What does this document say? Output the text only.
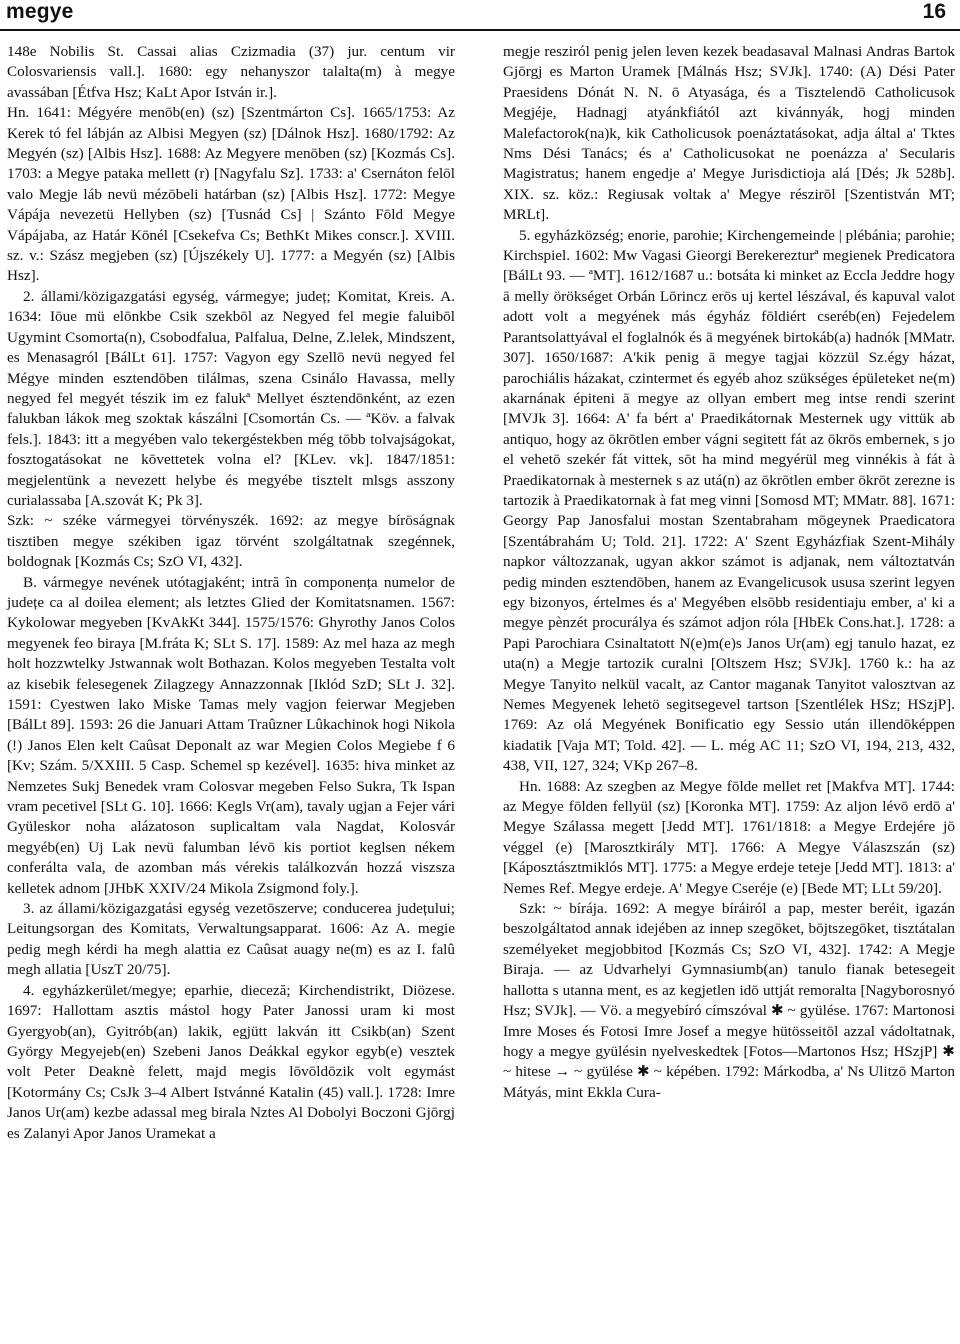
megye	16

148e Nobilis St. Cassai alias Czizmadia (37) jur. centum vir Colosvariensis vall.]. 1680: egy nehanyszor talalta(m) à megye avassában [Étfva Hsz; KaLt Apor István ir.].

Hn. 1641: Mégyére menōb(en) (sz) [Szentmárton Cs]. 1665/1753: Az Kerek tó fel lábján az Albisi Megyen (sz) [Dálnok Hsz]. 1680/1792: Az Megyén (sz) [Albis Hsz]. 1688: Az Megyere menōben (sz) [Kozmás Cs]. 1703: a Megye pataka mellett (r) [Nagyfalu Sz]. 1733: a' Csernáton felōl valo Megje láb nevü mézōbeli határban (sz) [Albis Hsz]. 1772: Megye Vápája nevezetü Hellyben (sz) [Tusnád Cs] | Szánto Fōld Megye Vápájaba, az Határ Kōnél [Csekefva Cs; BethKt Mikes conscr.]. XVIII. sz. v.: Szász megjeben (sz) [Újszékely U]. 1777: a Megyén (sz) [Albis Hsz].

2. állami/közigazgatási egység, vármegye; județ; Komitat, Kreis. A. 1634: Iōue mü elōnkbe Csik szekbōl az Negyed fel megie faluibōl Ugymint Csomorta(n), Csobodfalua, Palfalua, Delne, Z.lelek, Mindszent, es Menasagról [BálLt 61]. 1757: Vagyon egy Szellō nevü negyed fel Mégye minden esztendōben tilálmas, szena Csinálo Havassa, melly negyed fel megyét tészik im ez falukª Mellyet észtendōnként, az ezen falukban lákok meg szoktak kászálni [Csomortán Cs. — ªKöv. a falvak fels.]. 1843: itt a megyében valo tekergéstekben még tōbb tolvajságokat, fosztogatásokat ne kōvettetek volna el? [KLev. vk]. 1847/1851: megjelentünk a nevezett helybe és megyébe tisztelt mlsgs asszony curialassaba [A.szovát K; Pk 3].

Szk: ~ széke vármegyei törvényszék. 1692: az megye bírōságnak tisztiben megye székiben igaz törvént szolgáltatnak szegénnek, boldognak [Kozmás Cs; SzO VI, 432].

B. vármegye nevének utótagjaként; intră în componența numelor de județe ca al doilea element; als letztes Glied der Komitatsnamen. 1567: Kykolowar megyeben [KvAkKt 344]. 1575/1576: Ghyrothy Janos Colos megyenek feo biraya [M.fráta K; SLt S. 17]. 1589: Az mel haza az megh holt hozzwtelky Jstwannak wolt Bothazan. Kolos megyeben Testalta volt az kisebik felesegenek Zilagzegy Annazzonnak [Iklód SzD; SLt J. 32]. 1591: Cyestwen lako Miske Tamas mely vagjon feierwar Megjeben [BálLt 89]. 1593: 26 die Januari Attam Traûzner Lûkachinok hogi Nikola (!) Janos Elen kelt Caûsat Deponalt az war Megien Colos Megiebe f 6 [Kv; Szám. 5/XXIII. 5 Casp. Schemel sp kezével]. 1635: hiva minket az Nemzetes Sukj Benedek vram Colosvar megeben Felso Sukra, Tk Ispan vram pecetivel [SLt G. 10]. 1666: Kegls Vr(am), tavaly ugjan a Fejer vári Gyüleskor noha alázatoson suplicaltam vala Nagdat, Kolosvár megyéb(en) Uj Lak nevü falumban lévō kis portiot keglsen nékem conferálta vala, de azomban más vérekis találkozván hozzá viszsza kelletek adnom [JHbK XXIV/24 Mikola Zsigmond foly.].

3. az állami/közigazgatási egység vezetōszerve; conducerea județului; Leitungsorgan des Komitats, Verwaltungsapparat. 1606: Az A. megie pedig megh kérdi ha megh alattia ez Caûsat auagy ne(m) es az I. falû megh allatia [UszT 20/75].

4. egyházkerület/megye; eparhie, dieceză; Kirchendistrikt, Diözese. 1697: Hallottam asztis mástol hogy Pater Janossi uram ki most Gyergyob(an), Gyitrób(an) lakik, egjütt lakván itt Csikb(an) Szent György Megyejeb(en) Szebeni Janos Deákkal egykor egyb(e) vesztek volt Peter Deaknè felett, majd megis lōvōldōzik volt egymást [Kotormány Cs; CsJk 3–4 Albert Istvánné Katalin (45) vall.]. 1728: Imre Janos Ur(am) kezbe adassal meg birala Nztes Al Dobolyi Boczoni Gjōrgj es Zalanyi Apor Janos Uramekat a

megje resziról penig jelen leven kezek beadasaval Malnasi Andras Bartok Gjōrgj es Marton Uramek [Málnás Hsz; SVJk]. 1740: (A) Dési Pater Praesidens Dónát N. N. ō Atyasága, és a Tisztelendō Catholicusok Megjéje, Hadnagj atyánkfiától azt kivánnyák, hogj minden Malefactorok(na)k, kik Catholicusok poenáztatásokat, adja által a' Tktes Nms Dési Tanács; és a' Catholicusokat ne poenázza a' Secularis Magistratus; hanem engedje a' Megye Jurisdictioja alá [Dés; Jk 528b]. XIX. sz. köz.: Regiusak voltak a' Megye részirōl [Szentistván MT; MRLt].

5. egyházközség; enorie, parohie; Kirchengemeinde | plébánia; parohie; Kirchspiel. 1602: Mw Vagasi Gieorgi Berekerezturª megienek Predicatora [BálLt 93. — ªMT]. 1612/1687 u.: botsáta ki minket az Eccla Jeddre hogy ā melly örökséget Orbán Lōrincz erōs uj kertel lészával, és kapuval valot adott volt a megyének más égyház fōldiért cseréb(en) Fejedelem Parantsolattyával el foglalnók és ā megyének birtokáb(a) hadnók [MMatr. 307]. 1650/1687: A'kik penig ā megye tagjai közzül Sz.égy házat, parochiális házakat, czintermet és egyéb ahoz szükséges épületeket ne(m) akarnának épiteni ā megye az ollyan embert meg intse rendi szerint [MVJk 3]. 1664: A' fa bért a' Praedikátornak Mesternek ugy vittük ab antiquo, hogy az ōkrōtlen ember vágni segitett fát az ōkrōs embernek, s jo el vehetō szekér fát vittek, sōt ha mind megyérül meg vinnékis à fát à Praedikatornak à mesternek s az utá(n) az ōkrōtlen ember ōkrōt zerezne is tartozik à Praedikatornak à fat meg vinni [Somosd MT; MMatr. 88]. 1671: Georgy Pap Janosfalui mostan Szentabraham mōgeynek Praedicatora [Szentábrahám U; Told. 21]. 1722: A' Szent Egyházfiak Szent-Mihály napkor változzanak, ugyan akkor számot is adjanak, nem változtatván pedig minden esztendōben, hanem az Evangelicusok ususa szerint legyen egy bizonyos, értelmes és a' Megyében elsōbb residentiaju ember, a' ki a megye pènzét procurálya és számot adjon róla [HbEk Cons.hat.]. 1728: a Papi Parochiara Csinaltatott N(e)m(e)s Janos Ur(am) egj tanulo hazat, ez uta(n) a Megje tartozik curalni [Oltszem Hsz; SVJk]. 1760 k.: ha az Megye Tanyito nelkül vacalt, az Cantor maganak Tanyitot valosztvan az Nemes Megyenek lehetö segitsegevel tartson [Szentlélek HSz; HSzjP]. 1769: Az olá Megyének Bonificatio egy Sessio után illendōképpen kiadatik [Vaja MT; Told. 42]. — L. még AC 11; SzO VI, 194, 213, 432, 438, VII, 127, 324; VKp 267–8.

Hn. 1688: Az szegben az Megye fōlde mellet ret [Makfva MT]. 1744: az Megye fōlden fellyül (sz) [Koronka MT]. 1759: Az aljon lévō erdō a' Megye Szálassa megett [Jedd MT]. 1761/1818: a Megye Erdejére jō véggel (e) [Marosztkirály MT]. 1766: A Megye Válaszszán (sz) [Káposztásztmiklós MT]. 1775: a Megye erdeje teteje [Jedd MT]. 1813: a' Nemes Ref. Megye erdeje. A' Megye Cseréje (e) [Bede MT; LLt 59/20].

Szk: ~ bírája. 1692: A megye bíráiról a pap, mester beréit, igazán beszolgáltatod annak idejében az innep szegōket, bōjtszegōket, tisztátalan személyeket megjobbitod [Kozmás Cs; SzO VI, 432]. 1742: A Megje Biraja. — az Udvarhelyi Gymnasiumb(an) tanulo fianak betesegeit hallotta s utanna ment, es az kegjetlen idō uttját remoralta [Nagyborosnyó Hsz; SVJk]. — Vö. a megyebíró címszóval ✱ ~ gyülése. 1767: Martonosi Imre Moses és Fotosi Imre Josef a megye hütösseitōl azzal vádoltatnak, hogy a megye gyülésin nyelveskedtek [Fotos—Martonos Hsz; HSzjP] ✱ ~ hitese → ~ gyülése ✱ ~ képében. 1792: Márkodba, a' Ns Ulitzō Marton Mátyás, mint Ekkla Cura-
